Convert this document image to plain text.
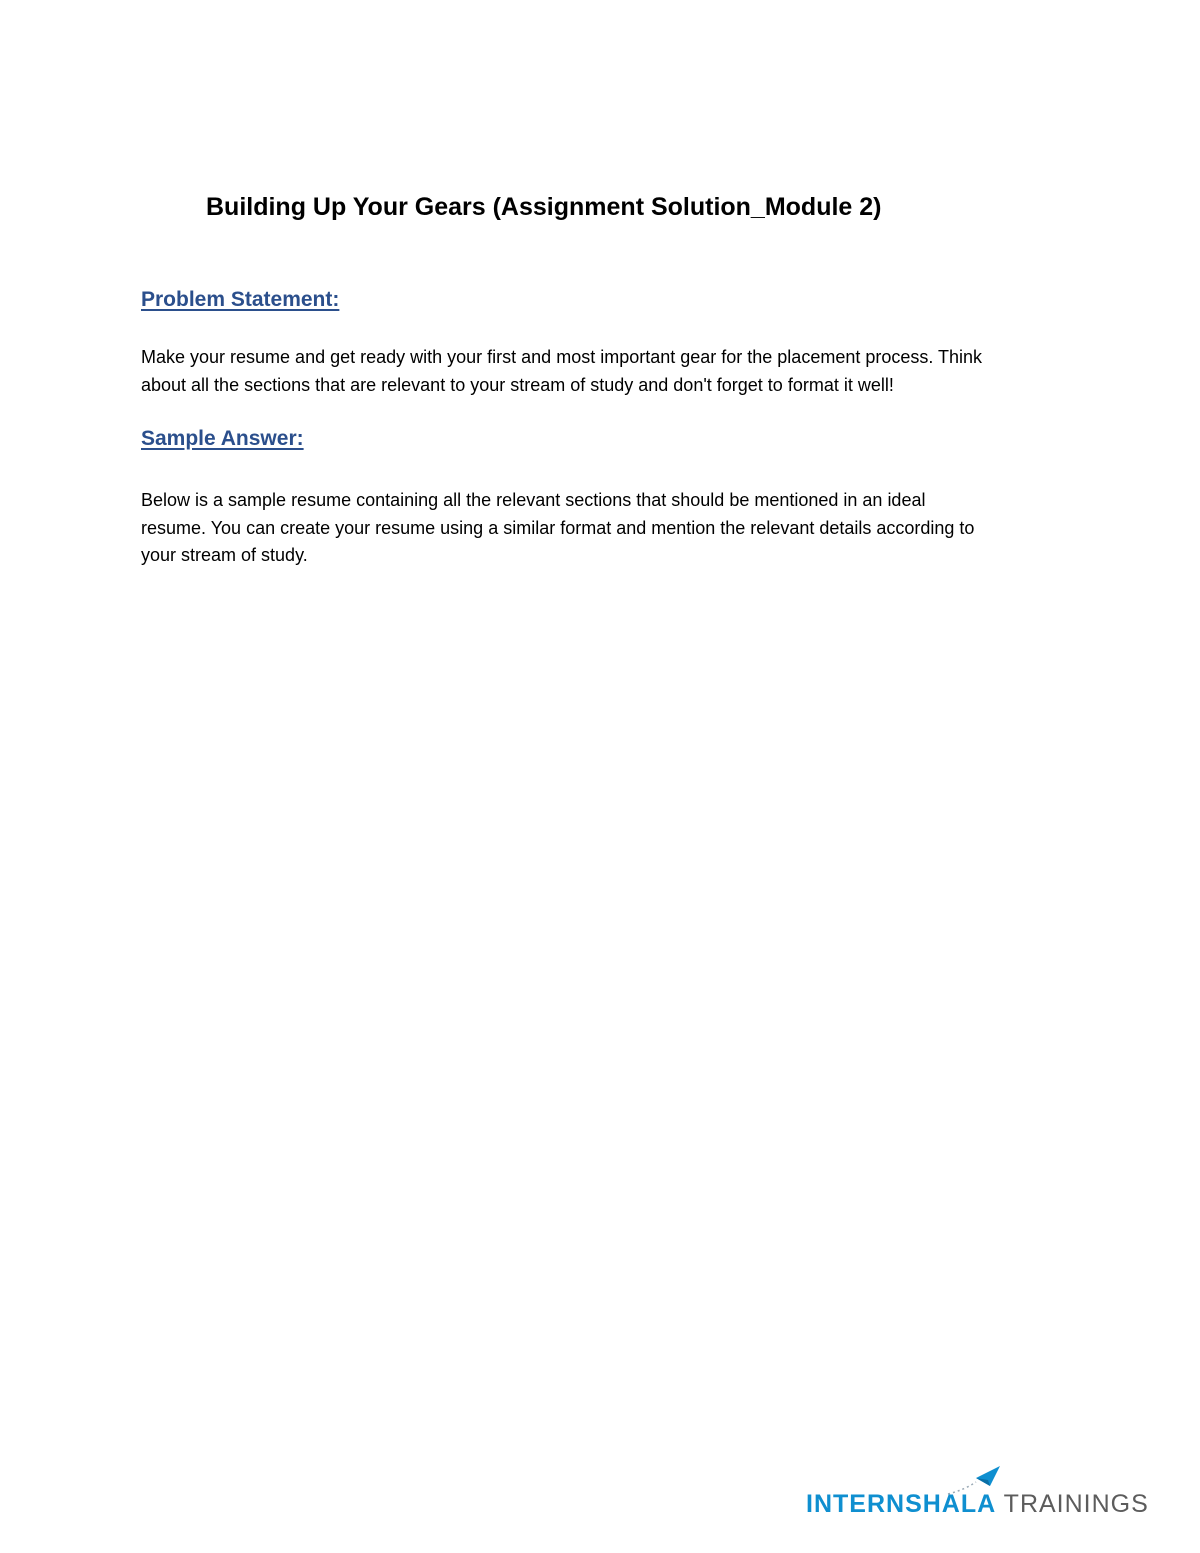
Building Up Your Gears (Assignment Solution_Module 2)
Problem Statement:

Make your resume and get ready with your first and most important gear for the placement process. Think
about all the sections that are relevant to your stream of study and don't forget to format it well!

Sample Answer:

Below is a sample resume containing all the relevant sections that should be mentioned in an ideal
resume. You can create your resume using a similar format and mention the relevant details according to
your stream of study.

INTERNSHALA TRAININGS
